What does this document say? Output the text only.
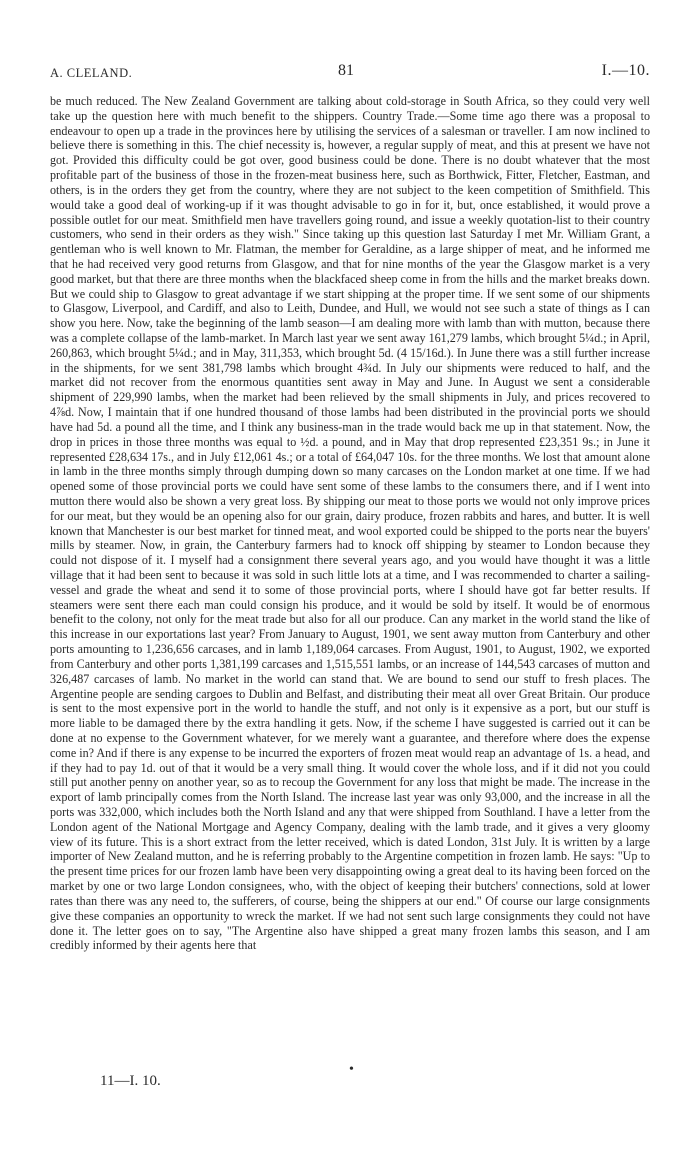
A. CLELAND.	81	I.—10.

be much reduced. The New Zealand Government are talking about cold-storage in South Africa, so they could very well take up the question here with much benefit to the shippers. Country Trade.—Some time ago there was a proposal to endeavour to open up a trade in the provinces here by utilising the services of a salesman or traveller. I am now inclined to believe there is something in this. The chief necessity is, however, a regular supply of meat, and this at present we have not got. Provided this difficulty could be got over, good business could be done. There is no doubt whatever that the most profitable part of the business of those in the frozen-meat business here, such as Borthwick, Fitter, Fletcher, Eastman, and others, is in the orders they get from the country, where they are not subject to the keen competition of Smithfield. This would take a good deal of working-up if it was thought advisable to go in for it, but, once established, it would prove a possible outlet for our meat. Smithfield men have travellers going round, and issue a weekly quotation-list to their country customers, who send in their orders as they wish." Since taking up this question last Saturday I met Mr. William Grant, a gentleman who is well known to Mr. Flatman, the member for Geraldine, as a large shipper of meat, and he informed me that he had received very good returns from Glasgow, and that for nine months of the year the Glasgow market is a very good market, but that there are three months when the blackfaced sheep come in from the hills and the market breaks down. But we could ship to Glasgow to great advantage if we start shipping at the proper time. If we sent some of our shipments to Glasgow, Liverpool, and Cardiff, and also to Leith, Dundee, and Hull, we would not see such a state of things as I can show you here. Now, take the beginning of the lamb season—I am dealing more with lamb than with mutton, because there was a complete collapse of the lamb-market. In March last year we sent away 161,279 lambs, which brought 5¼d.; in April, 260,863, which brought 5¼d.; and in May, 311,353, which brought 5d. (4 15/16d.). In June there was a still further increase in the shipments, for we sent 381,798 lambs which brought 4¾d. In July our shipments were reduced to half, and the market did not recover from the enormous quantities sent away in May and June. In August we sent a considerable shipment of 229,990 lambs, when the market had been relieved by the small shipments in July, and prices recovered to 4⅞d. Now, I maintain that if one hundred thousand of those lambs had been distributed in the provincial ports we should have had 5d. a pound all the time, and I think any business-man in the trade would back me up in that statement. Now, the drop in prices in those three months was equal to ½d. a pound, and in May that drop represented £23,351 9s.; in June it represented £28,634 17s., and in July £12,061 4s.; or a total of £64,047 10s. for the three months. We lost that amount alone in lamb in the three months simply through dumping down so many carcases on the London market at one time. If we had opened some of those provincial ports we could have sent some of these lambs to the consumers there, and if I went into mutton there would also be shown a very great loss. By shipping our meat to those ports we would not only improve prices for our meat, but they would be an opening also for our grain, dairy produce, frozen rabbits and hares, and butter. It is well known that Manchester is our best market for tinned meat, and wool exported could be shipped to the ports near the buyers' mills by steamer. Now, in grain, the Canterbury farmers had to knock off shipping by steamer to London because they could not dispose of it. I myself had a consignment there several years ago, and you would have thought it was a little village that it had been sent to because it was sold in such little lots at a time, and I was recommended to charter a sailing-vessel and grade the wheat and send it to some of those provincial ports, where I should have got far better results. If steamers were sent there each man could consign his produce, and it would be sold by itself. It would be of enormous benefit to the colony, not only for the meat trade but also for all our produce. Can any market in the world stand the like of this increase in our exportations last year? From January to August, 1901, we sent away mutton from Canterbury and other ports amounting to 1,236,656 carcases, and in lamb 1,189,064 carcases. From August, 1901, to August, 1902, we exported from Canterbury and other ports 1,381,199 carcases and 1,515,551 lambs, or an increase of 144,543 carcases of mutton and 326,487 carcases of lamb. No market in the world can stand that. We are bound to send our stuff to fresh places. The Argentine people are sending cargoes to Dublin and Belfast, and distributing their meat all over Great Britain. Our produce is sent to the most expensive port in the world to handle the stuff, and not only is it expensive as a port, but our stuff is more liable to be damaged there by the extra handling it gets. Now, if the scheme I have suggested is carried out it can be done at no expense to the Government whatever, for we merely want a guarantee, and therefore where does the expense come in? And if there is any expense to be incurred the exporters of frozen meat would reap an advantage of 1s. a head, and if they had to pay 1d. out of that it would be a very small thing. It would cover the whole loss, and if it did not you could still put another penny on another year, so as to recoup the Government for any loss that might be made. The increase in the export of lamb principally comes from the North Island. The increase last year was only 93,000, and the increase in all the ports was 332,000, which includes both the North Island and any that were shipped from Southland. I have a letter from the London agent of the National Mortgage and Agency Company, dealing with the lamb trade, and it gives a very gloomy view of its future. This is a short extract from the letter received, which is dated London, 31st July. It is written by a large importer of New Zealand mutton, and he is referring probably to the Argentine competition in frozen lamb. He says: "Up to the present time prices for our frozen lamb have been very disappointing owing a great deal to its having been forced on the market by one or two large London consignees, who, with the object of keeping their butchers' connections, sold at lower rates than there was any need to, the sufferers, of course, being the shippers at our end." Of course our large consignments give these companies an opportunity to wreck the market. If we had not sent such large consignments they could not have done it. The letter goes on to say, "The Argentine also have shipped a great many frozen lambs this season, and I am credibly informed by their agents here that

•
11—I. 10.
